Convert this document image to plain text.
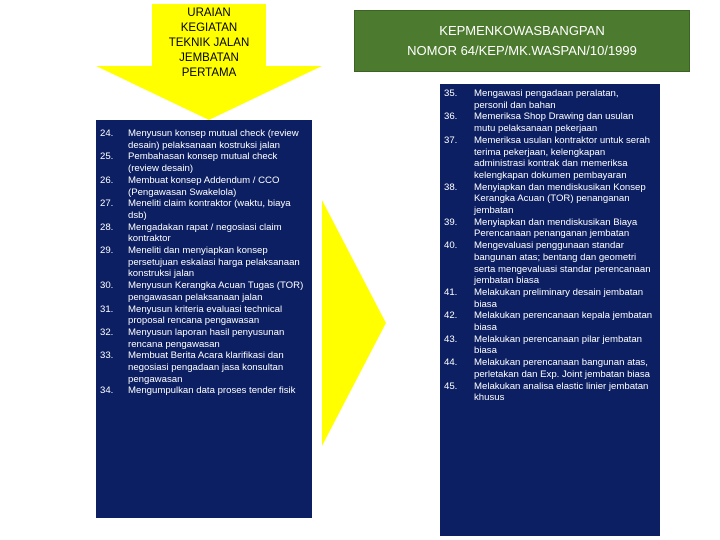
URAIAN
KEGIATAN
TEKNIK JALAN
JEMBATAN
PERTAMA
24.	Menyusun konsep mutual check (review desain) pelaksanaan kostruksi jalan
25.	Pembahasan konsep mutual check (review desain)
26.	Membuat konsep Addendum / CCO (Pengawasan Swakelola)
27.	Meneliti claim kontraktor (waktu, biaya dsb)
28.	Mengadakan rapat / negosiasi claim kontraktor
29.	Meneliti dan menyiapkan konsep persetujuan eskalasi harga pelaksanaan konstruksi jalan
30.	Menyusun Kerangka Acuan Tugas (TOR) pengawasan pelaksanaan jalan
31.	Menyusun kriteria evaluasi technical proposal rencana pengawasan
32.	Menyusun laporan hasil penyusunan rencana pengawasan
33.	Membuat Berita Acara klarifikasi dan negosiasi pengadaan jasa konsultan pengawasan
34.	Mengumpulkan data proses tender fisik
KEPMENKOWASBANGPAN
NOMOR 64/KEP/MK.WASPAN/10/1999
35.	Mengawasi pengadaan peralatan, personil dan bahan
36.	Memeriksa Shop Drawing dan usulan mutu pelaksanaan pekerjaan
37.	Memeriksa usulan kontraktor untuk serah terima pekerjaan, kelengkapan administrasi kontrak dan memeriksa kelengkapan dokumen pembayaran
38.	Menyiapkan dan mendiskusikan Konsep Kerangka Acuan (TOR) penanganan jembatan
39.	Menyiapkan dan mendiskusikan Biaya Perencanaan penanganan jembatan
40.	Mengevaluasi penggunaan standar bangunan atas; bentang dan geometri serta mengevaluasi standar perencanaan jembatan biasa
41.	Melakukan preliminary desain jembatan biasa
42.	Melakukan perencanaan kepala jembatan biasa
43.	Melakukan perencanaan pilar jembatan biasa
44.	Melakukan perencanaan bangunan atas, perletakan dan Exp. Joint jembatan biasa
45.	Melakukan analisa elastic linier jembatan khusus
